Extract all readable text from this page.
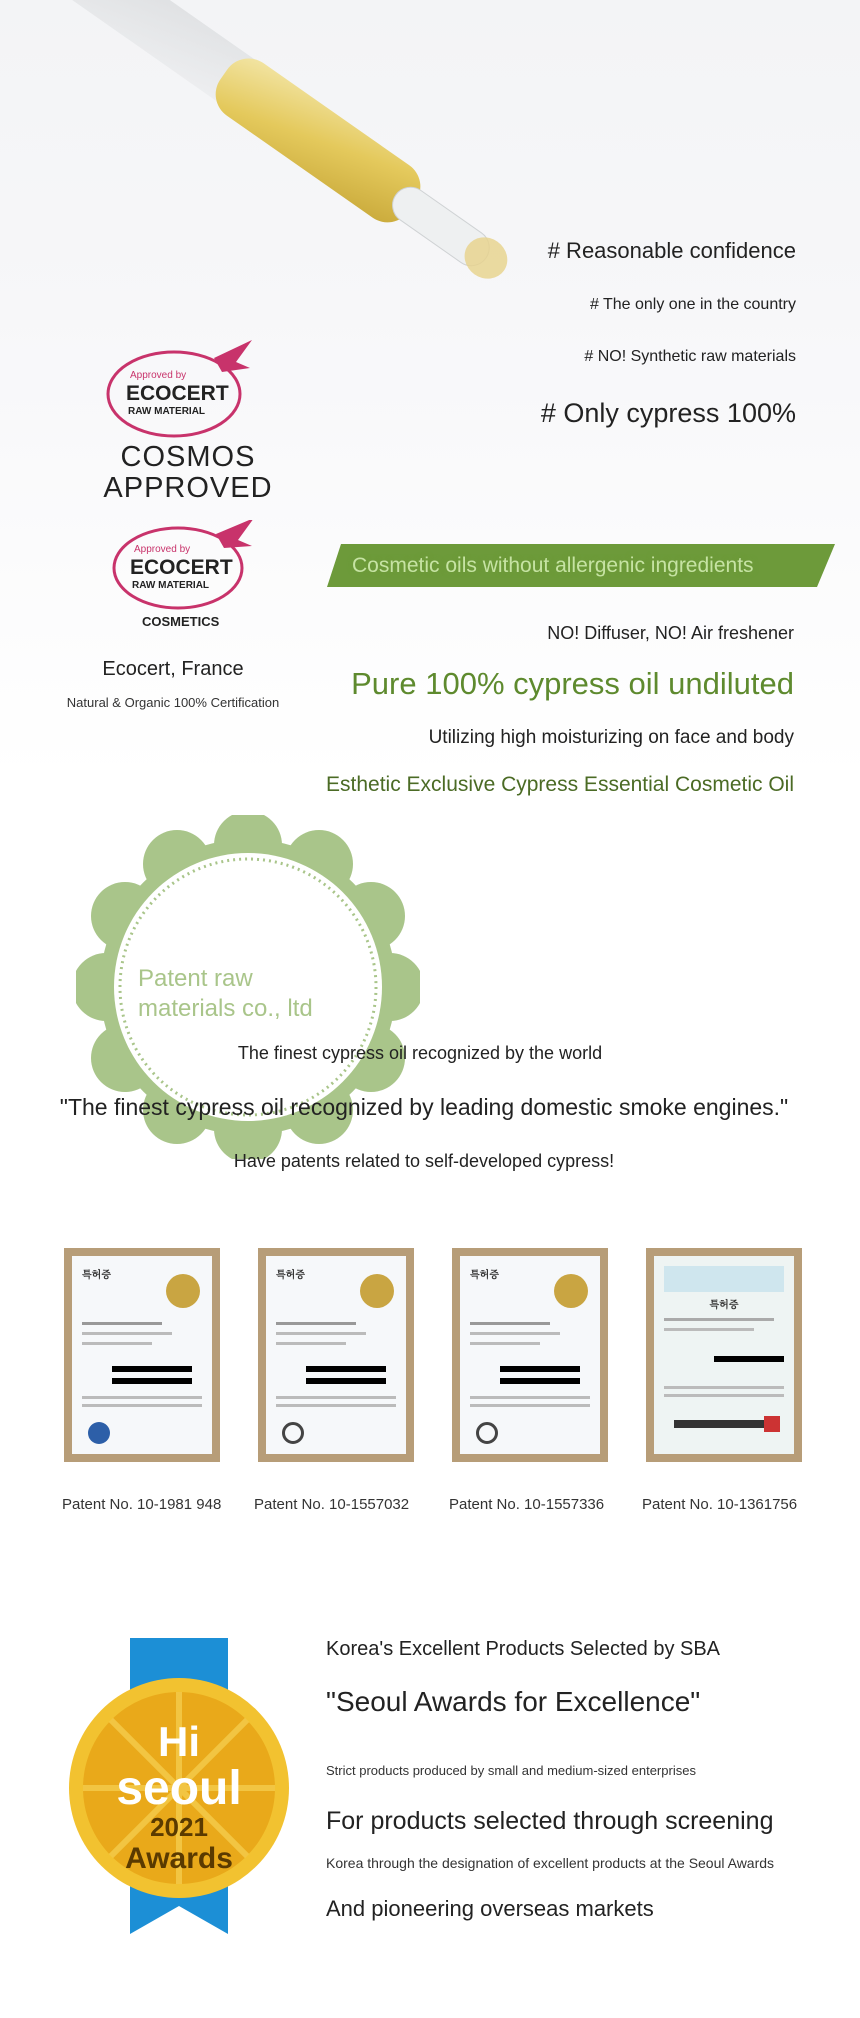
# Reasonable confidence
# The only one in the country
# NO! Synthetic raw materials
# Only cypress 100%
Approved by
ECOCERT
RAW MATERIAL
COSMOS
APPROVED
Approved by
ECOCERT
RAW MATERIAL
COSMETICS
Ecocert, France
Natural & Organic 100% Certification
Cosmetic oils without allergenic ingredients
NO! Diffuser, NO! Air freshener
Pure 100% cypress oil undiluted
Utilizing high moisturizing on face and body
Esthetic Exclusive Cypress Essential Cosmetic Oil
Patent raw
materials co., ltd
The finest cypress oil recognized by the world
"The finest cypress oil recognized by leading domestic smoke engines."
Have patents related to self-developed cypress!
특허증	특허증	특허증
특허증
Patent No. 10-1981 948 Patent No. 10-1557032	Patent No. 10-1557336	Patent No. 10-1361756
Hi
seoul
2021
Awards
Korea's Excellent Products Selected by SBA
"Seoul Awards for Excellence"
Strict products produced by small and medium-sized enterprises
For products selected through screening
Korea through the designation of excellent products at the Seoul Awards
And pioneering overseas markets
